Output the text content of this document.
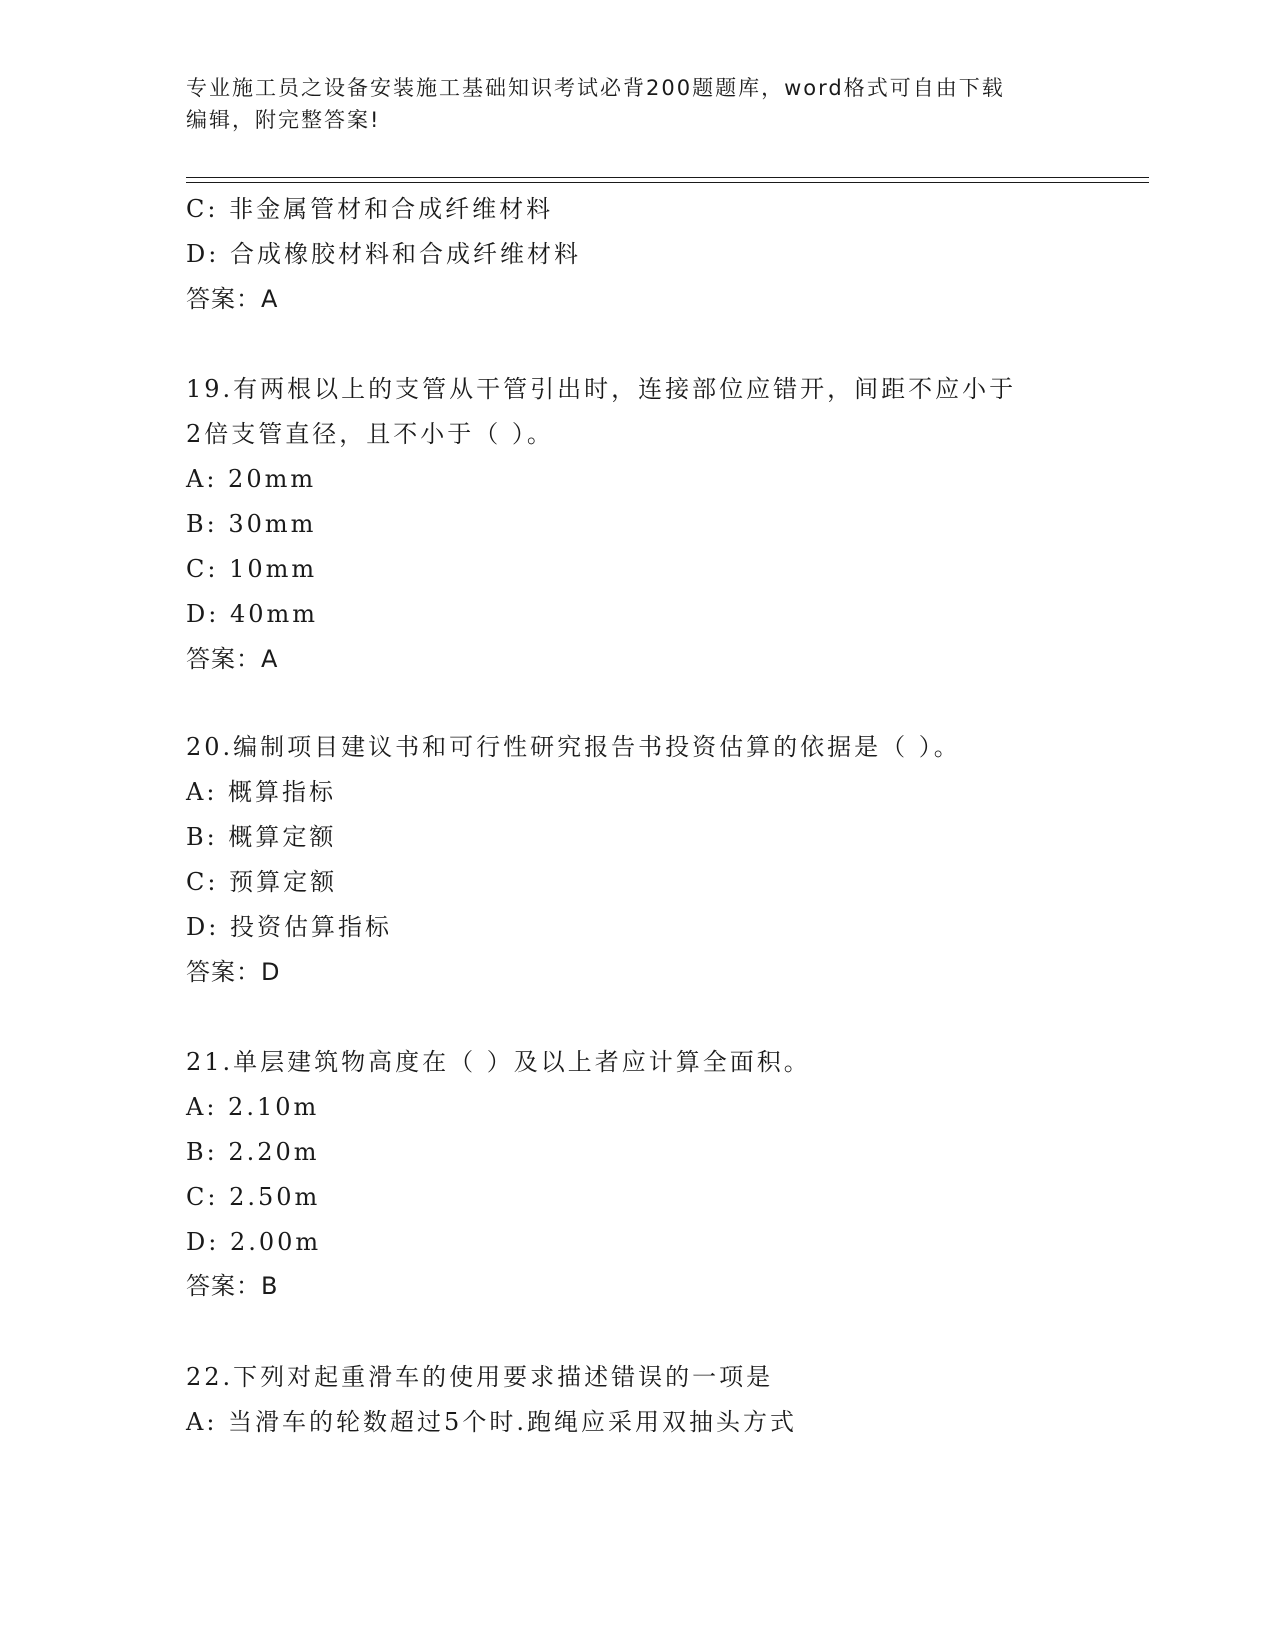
专业施工员之设备安装施工基础知识考试必背200题题库，word格式可自由下载
编辑，附完整答案!
C: 非金属管材和合成纤维材料
D: 合成橡胶材料和合成纤维材料
答案：A
19.有两根以上的支管从干管引出时，连接部位应错开，间距不应小于
2倍支管直径，且不小于（ ）。
A: 20mm
B: 30mm
C: 10mm
D: 40mm
答案：A
20.编制项目建议书和可行性研究报告书投资估算的依据是（ ）。
A: 概算指标
B: 概算定额
C: 预算定额
D: 投资估算指标
答案：D
21.单层建筑物高度在（ ）及以上者应计算全面积。
A: 2.10m
B: 2.20m
C: 2.50m
D: 2.00m
答案：B
22.下列对起重滑车的使用要求描述错误的一项是
A: 当滑车的轮数超过5个时.跑绳应采用双抽头方式
